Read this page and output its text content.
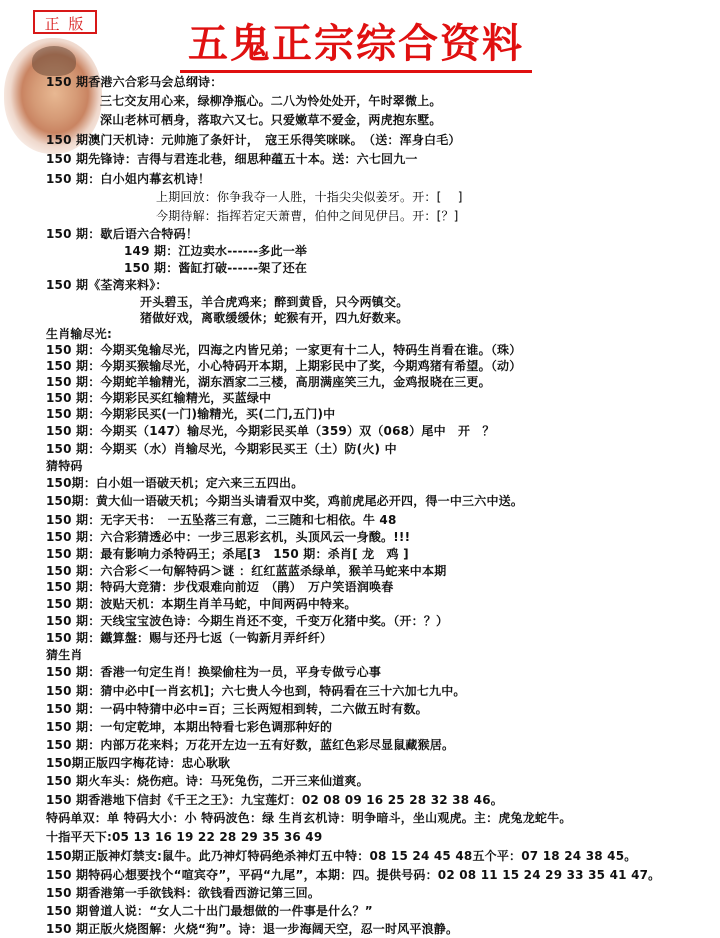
正 版	五鬼正宗综合资料
150 期香港六合彩马会总纲诗：
三七交友用心来，绿柳净瓶心。二八为怜处处开，午时翠微上。
深山老林可栖身，落取六又七。只爱嫩草不爱金，两虎抱东墅。
150 期澳门天机诗：元帅施了条奸计，　寇王乐得笑咪咪。　（送：浑身白毛）
150 期先锋诗：吉得与君连北巷，细思种蕴五十本。送：六七回九一
150 期：白小姐内幕玄机诗！
上期回放：你争我夺一人胜，十指尖尖似姜牙。开：[　 ]
今期待解：指挥若定天萧曹，伯仲之间见伊吕。开：[？]
150 期：歇后语六合特码！
149 期：江边卖水------多此一举
150 期：酱缸打破------架了还在
150 期《荃湾来料》：
开头碧玉，羊合虎鸡来；醉到黄昏，只今两镇交。
猪做好戏，离歌缓缓休；蛇猴有开，四九好数来。
生肖输尽光:
150 期：今期买兔输尽光，四海之内皆兄弟；一家更有十二人，特码生肖看在谁。（珠）
150 期：今期买猴输尽光，小心特码开本期，上期彩民中了奖，今期鸡猪有希望。（动）
150 期：今期蛇羊输精光，湖东酒家二三楼，高朋满座笑三九，金鸡报晓在三更。
150 期：今期彩民买红输精光，买蓝绿中
150 期：今期彩民买(一门)输精光，买(二门,五门)中
150 期：今期买（147）输尽光，今期彩民买单（359）双（068）尾中　开　？
150 期：今期买（水）肖输尽光，今期彩民买王（土）防(火) 中
猜特码
150期：白小姐一语破天机；定六来三五四出。
150期：黄大仙一语破天机；今期当头请看双中奖，鸡前虎尾必开四，得一中三六中送。
150 期：无字天书：　一五坠落三有意，二三随和七相依。牛 48
150 期：六合彩猜透必中：一步三思彩玄机，头顶风云一身酸。!!!
150 期：最有影响力杀特码王；杀尾[3　150 期：杀肖[ 龙　鸡 ]
150 期：六合彩＜一句解特码＞谜 ：红红蓝蓝杀绿单，猴羊马蛇来中本期
150 期：特码大竞猜：步伐艰难向前迈　（鹃）　万户笑语润唤春
150 期：波贴天机：本期生肖羊马蛇，中间两码中特来。
150 期：天线宝宝波色诗：今期生肖还不变，千变万化猪中奖。（开：？）
150 期：鐵算盤：赐与还丹七返（一钩新月弄纤纤）
猜生肖
150 期：香港一句定生肖！换梁偷柱为一员，平身专做亏心事
150 期：猜中必中[一肖玄机]；六七贵人今也到，特码看在三十六加七九中。
150 期：一码中特猜中必中=百；三长两短相到转，二六做五时有数。
150 期：一句定乾坤，本期出特看七彩色调那种好的
150 期：内部万花来料；万花开左边一五有好数，蓝红色彩尽显鼠藏猴居。
150期正版四字梅花诗：忠心耿耿
150 期火车头：烧伤疤。诗：马死兔伤，二开三来仙道爽。
150 期香港地下信封《千王之王》：九宝莲灯：02 08 09 16 25 28 32 38 46。
特码单双：单 特码大小：小 特码波色：绿 生肖玄机诗：明争暗斗，坐山观虎。主：虎兔龙蛇牛。
十指平天下:05 13 16 19 22 28 29 35 36 49
150期正版神灯禁支:鼠牛。此乃神灯特码绝杀神灯五中特：08 15 24 45 48五个平：07 18 24 38 45。
150 期特码心想要找个“喧宾夺”，平码“九尾”，本期：四。提供号码：02 08 11 15 24 29 33 35 41 47。
150 期香港第一手欲钱料：欲钱看西游记第三回。
150 期曾道人说：“女人二十出门最想做的一件事是什么？”
150 期正版火烧图解：火烧“狗”。诗：退一步海阔天空，忍一时风平浪静。
